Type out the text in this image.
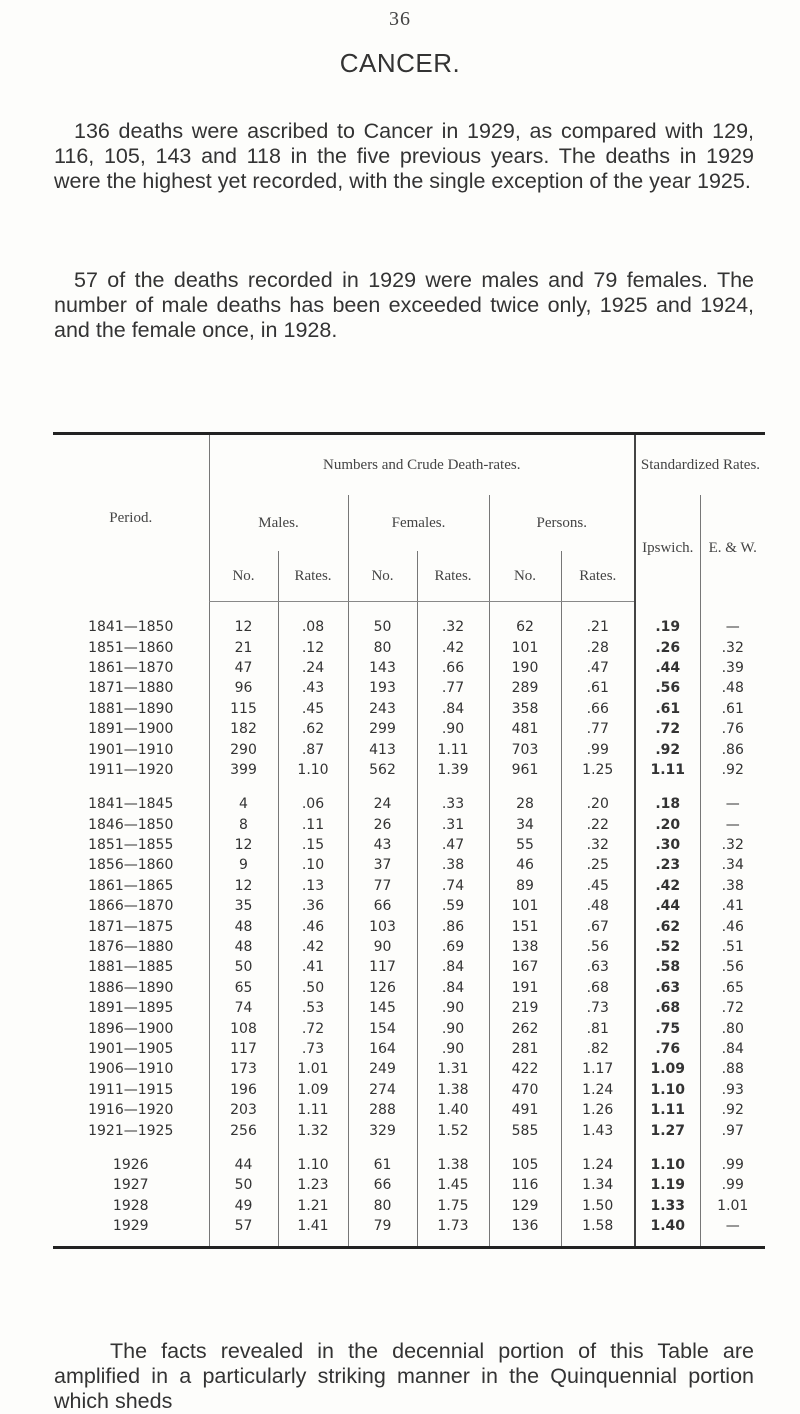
36
CANCER.

136 deaths were ascribed to Cancer in 1929, as compared with 129, 116, 105, 143 and 118 in the five previous years. The deaths in 1929 were the highest yet recorded, with the single exception of the year 1925.

57 of the deaths recorded in 1929 were males and 79 females. The number of male deaths has been exceeded twice only, 1925 and 1924, and the female once, in 1928.

Period.	Numbers and Crude Death-rates.						Standardized Rates.	
	Males.		Females.		Persons.		Ipswich.	E. & W.
	No.	Rates.	No.	Rates.	No.	Rates.		

1841—1850	12	.08	50	.32	62	.21	.19	—
1851—1860	21	.12	80	.42	101	.28	.26	.32
1861—1870	47	.24	143	.66	190	.47	.44	.39
1871—1880	96	.43	193	.77	289	.61	.56	.48
1881—1890	115	.45	243	.84	358	.66	.61	.61
1891—1900	182	.62	299	.90	481	.77	.72	.76
1901—1910	290	.87	413	1.11	703	.99	.92	.86
1911—1920	399	1.10	562	1.39	961	1.25	1.11	.92

1841—1845	4	.06	24	.33	28	.20	.18	—
1846—1850	8	.11	26	.31	34	.22	.20	—
1851—1855	12	.15	43	.47	55	.32	.30	.32
1856—1860	9	.10	37	.38	46	.25	.23	.34
1861—1865	12	.13	77	.74	89	.45	.42	.38
1866—1870	35	.36	66	.59	101	.48	.44	.41
1871—1875	48	.46	103	.86	151	.67	.62	.46
1876—1880	48	.42	90	.69	138	.56	.52	.51
1881—1885	50	.41	117	.84	167	.63	.58	.56
1886—1890	65	.50	126	.84	191	.68	.63	.65
1891—1895	74	.53	145	.90	219	.73	.68	.72
1896—1900	108	.72	154	.90	262	.81	.75	.80
1901—1905	117	.73	164	.90	281	.82	.76	.84
1906—1910	173	1.01	249	1.31	422	1.17	1.09	.88
1911—1915	196	1.09	274	1.38	470	1.24	1.10	.93
1916—1920	203	1.11	288	1.40	491	1.26	1.11	.92
1921—1925	256	1.32	329	1.52	585	1.43	1.27	.97

1926	44	1.10	61	1.38	105	1.24	1.10	.99
1927	50	1.23	66	1.45	116	1.34	1.19	.99
1928	49	1.21	80	1.75	129	1.50	1.33	1.01
1929	57	1.41	79	1.73	136	1.58	1.40	—

The facts revealed in the decennial portion of this Table are amplified in a particularly striking manner in the Quinquennial portion which sheds
